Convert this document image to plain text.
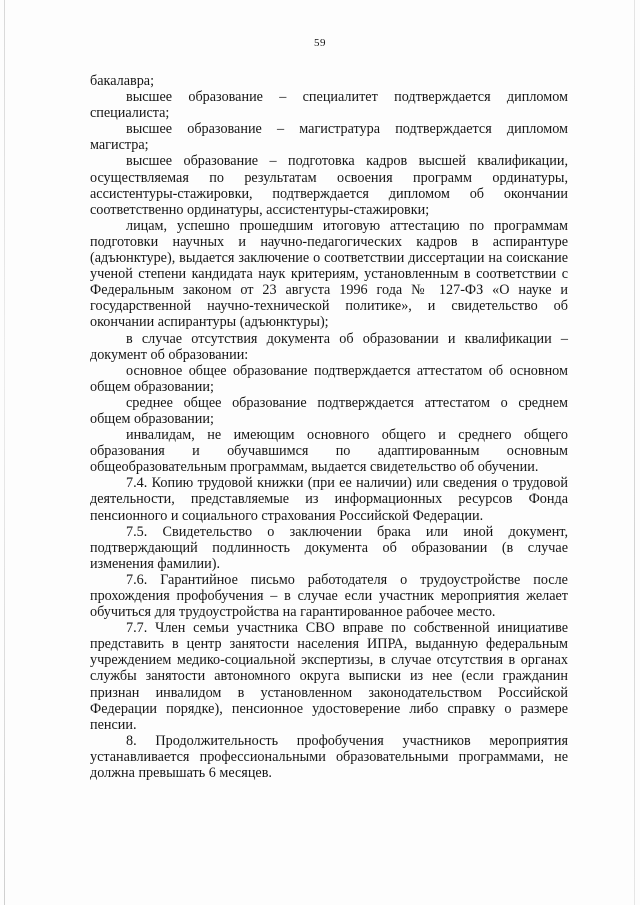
59

бакалавра;

высшее образование – специалитет подтверждается дипломом специалиста;

высшее образование – магистратура подтверждается дипломом магистра;

высшее образование – подготовка кадров высшей квалификации, осуществляемая по результатам освоения программ ординатуры, ассистентуры-стажировки, подтверждается дипломом об окончании соответственно ординатуры, ассистентуры-стажировки;

лицам, успешно прошедшим итоговую аттестацию по программам подготовки научных и научно-педагогических кадров в аспирантуре (адъюнктуре), выдается заключение о соответствии диссертации на соискание ученой степени кандидата наук критериям, установленным в соответствии с Федеральным законом от 23 августа 1996 года № 127-ФЗ «О науке и государственной научно-технической политике», и свидетельство об окончании аспирантуры (адъюнктуры);

в случае отсутствия документа об образовании и квалификации – документ об образовании:

основное общее образование подтверждается аттестатом об основном общем образовании;

среднее общее образование подтверждается аттестатом о среднем общем образовании;

инвалидам, не имеющим основного общего и среднего общего образования и обучавшимся по адаптированным основным общеобразовательным программам, выдается свидетельство об обучении.

7.4. Копию трудовой книжки (при ее наличии) или сведения о трудовой деятельности, представляемые из информационных ресурсов Фонда пенсионного и социального страхования Российской Федерации.

7.5. Свидетельство о заключении брака или иной документ, подтверждающий подлинность документа об образовании (в случае изменения фамилии).

7.6. Гарантийное письмо работодателя о трудоустройстве после прохождения профобучения – в случае если участник мероприятия желает обучиться для трудоустройства на гарантированное рабочее место.

7.7. Член семьи участника СВО вправе по собственной инициативе представить в центр занятости населения ИПРА, выданную федеральным учреждением медико-социальной экспертизы, в случае отсутствия в органах службы занятости автономного округа выписки из нее (если гражданин признан инвалидом в установленном законодательством Российской Федерации порядке), пенсионное удостоверение либо справку о размере пенсии.

8. Продолжительность профобучения участников мероприятия устанавливается профессиональными образовательными программами, не должна превышать 6 месяцев.
